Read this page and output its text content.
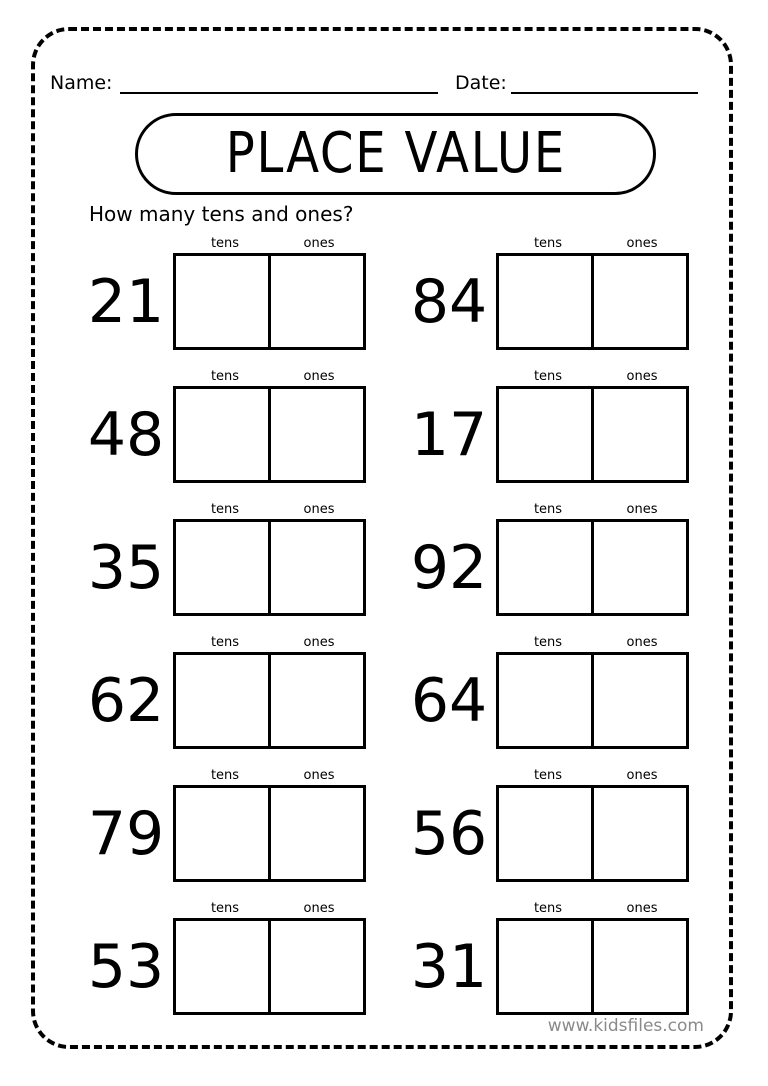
Name:	Date:
PLACE VALUE
How many tens and ones?
21
tens	ones
48
tens	ones
35
tens	ones
62
tens	ones
79
tens	ones
53
tens	ones
84
tens	ones
17
tens	ones
92
tens	ones
64
tens	ones
56
tens	ones
31
tens	ones
www.kidsfiles.com
